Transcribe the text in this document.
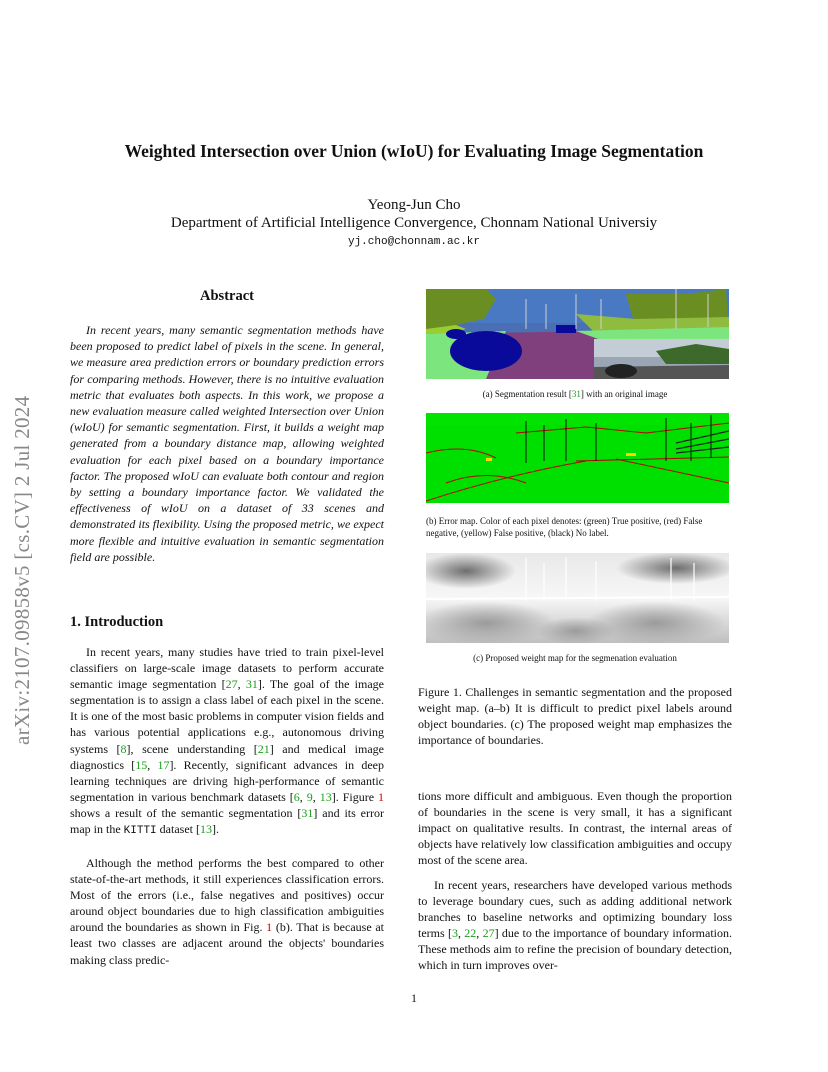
Weighted Intersection over Union (wIoU) for Evaluating Image Segmentation
Yeong-Jun Cho
Department of Artificial Intelligence Convergence, Chonnam National Universiy
yj.cho@chonnam.ac.kr
arXiv:2107.09858v5 [cs.CV] 2 Jul 2024
Abstract
In recent years, many semantic segmentation methods have been proposed to predict label of pixels in the scene. In general, we measure area prediction errors or boundary prediction errors for comparing methods. However, there is no intuitive evaluation metric that evaluates both aspects. In this work, we propose a new evaluation measure called weighted Intersection over Union (wIoU) for semantic segmentation. First, it builds a weight map generated from a boundary distance map, allowing weighted evaluation for each pixel based on a boundary importance factor. The proposed wIoU can evaluate both contour and region by setting a boundary importance factor. We validated the effectiveness of wIoU on a dataset of 33 scenes and demonstrated its flexibility. Using the proposed metric, we expect more flexible and intuitive evaluation in semantic segmentation field are possible.
1. Introduction
In recent years, many studies have tried to train pixel-level classifiers on large-scale image datasets to perform accurate semantic image segmentation [27, 31]. The goal of the image segmentation is to assign a class label of each pixel in the scene. It is one of the most basic problems in computer vision fields and has various potential applications e.g., autonomous driving systems [8], scene understanding [21] and medical image diagnostics [15, 17]. Recently, significant advances in deep learning techniques are driving high-performance of semantic segmentation in various benchmark datasets [6, 9, 13]. Figure 1 shows a result of the semantic segmentation [31] and its error map in the KITTI dataset [13].
Although the method performs the best compared to other state-of-the-art methods, it still experiences classification errors. Most of the errors (i.e., false negatives and positives) occur around object boundaries due to high classification ambiguities around the boundaries as shown in Fig. 1 (b). That is because at least two classes are adjacent around the objects' boundaries making class predic-
(a) Segmentation result [31] with an original image
(b) Error map. Color of each pixel denotes: (green) True positive, (red) False negative, (yellow) False positive, (black) No label.
(c) Proposed weight map for the segmenation evaluation
Figure 1. Challenges in semantic segmentation and the proposed weight map. (a–b) It is difficult to predict pixel labels around object boundaries. (c) The proposed weight map emphasizes the importance of boundaries.
tions more difficult and ambiguous. Even though the proportion of boundaries in the scene is very small, it has a significant impact on qualitative results. In contrast, the internal areas of objects have relatively low classification ambiguities and occupy most of the scene area.
In recent years, researchers have developed various methods to leverage boundary cues, such as adding additional network branches to baseline networks and optimizing boundary loss terms [3, 22, 27] due to the importance of boundary information. These methods aim to refine the precision of boundary detection, which in turn improves over-
1
